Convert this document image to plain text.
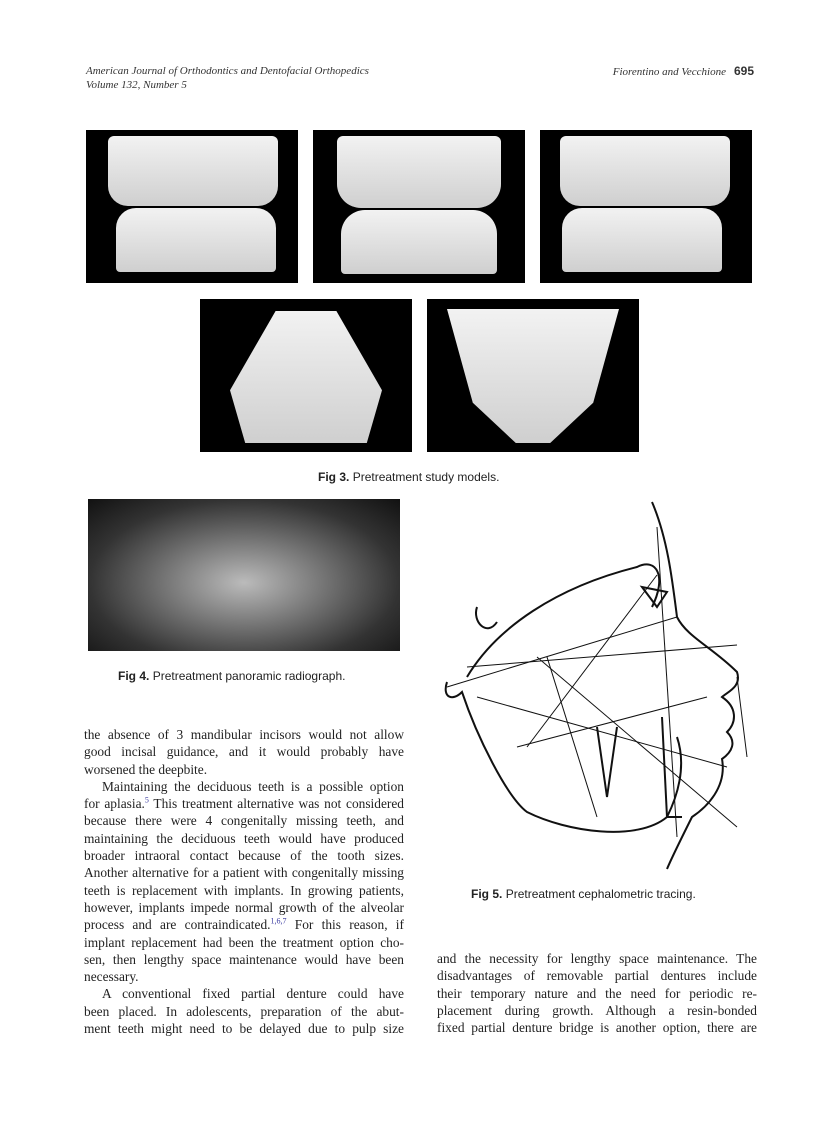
American Journal of Orthodontics and Dentofacial Orthopedics
Volume 132, Number 5
Fiorentino and Vecchione 695
Fig 3. Pretreatment study models.
Fig 4. Pretreatment panoramic radiograph.
Fig 5. Pretreatment cephalometric tracing.
the absence of 3 mandibular incisors would not allow
good incisal guidance, and it would probably have
worsened the deepbite.
Maintaining the deciduous teeth is a possible option
for aplasia.$^5$ This treatment alternative was not considered
because there were 4 congenitally missing teeth, and
maintaining the deciduous teeth would have produced
broader intraoral contact because of the tooth sizes.
Another alternative for a patient with congenitally missing
teeth is replacement with implants. In growing patients,
however, implants impede normal growth of the alveolar
process and are contraindicated.$^{1,6,7}$ For this reason, if
implant replacement had been the treatment option cho-
sen, then lengthy space maintenance would have been
necessary.
A conventional fixed partial denture could have
been placed. In adolescents, preparation of the abut-
ment teeth might need to be delayed due to pulp size
and the necessity for lengthy space maintenance. The
disadvantages of removable partial dentures include
their temporary nature and the need for periodic re-
placement during growth. Although a resin-bonded
fixed partial denture bridge is another option, there are
